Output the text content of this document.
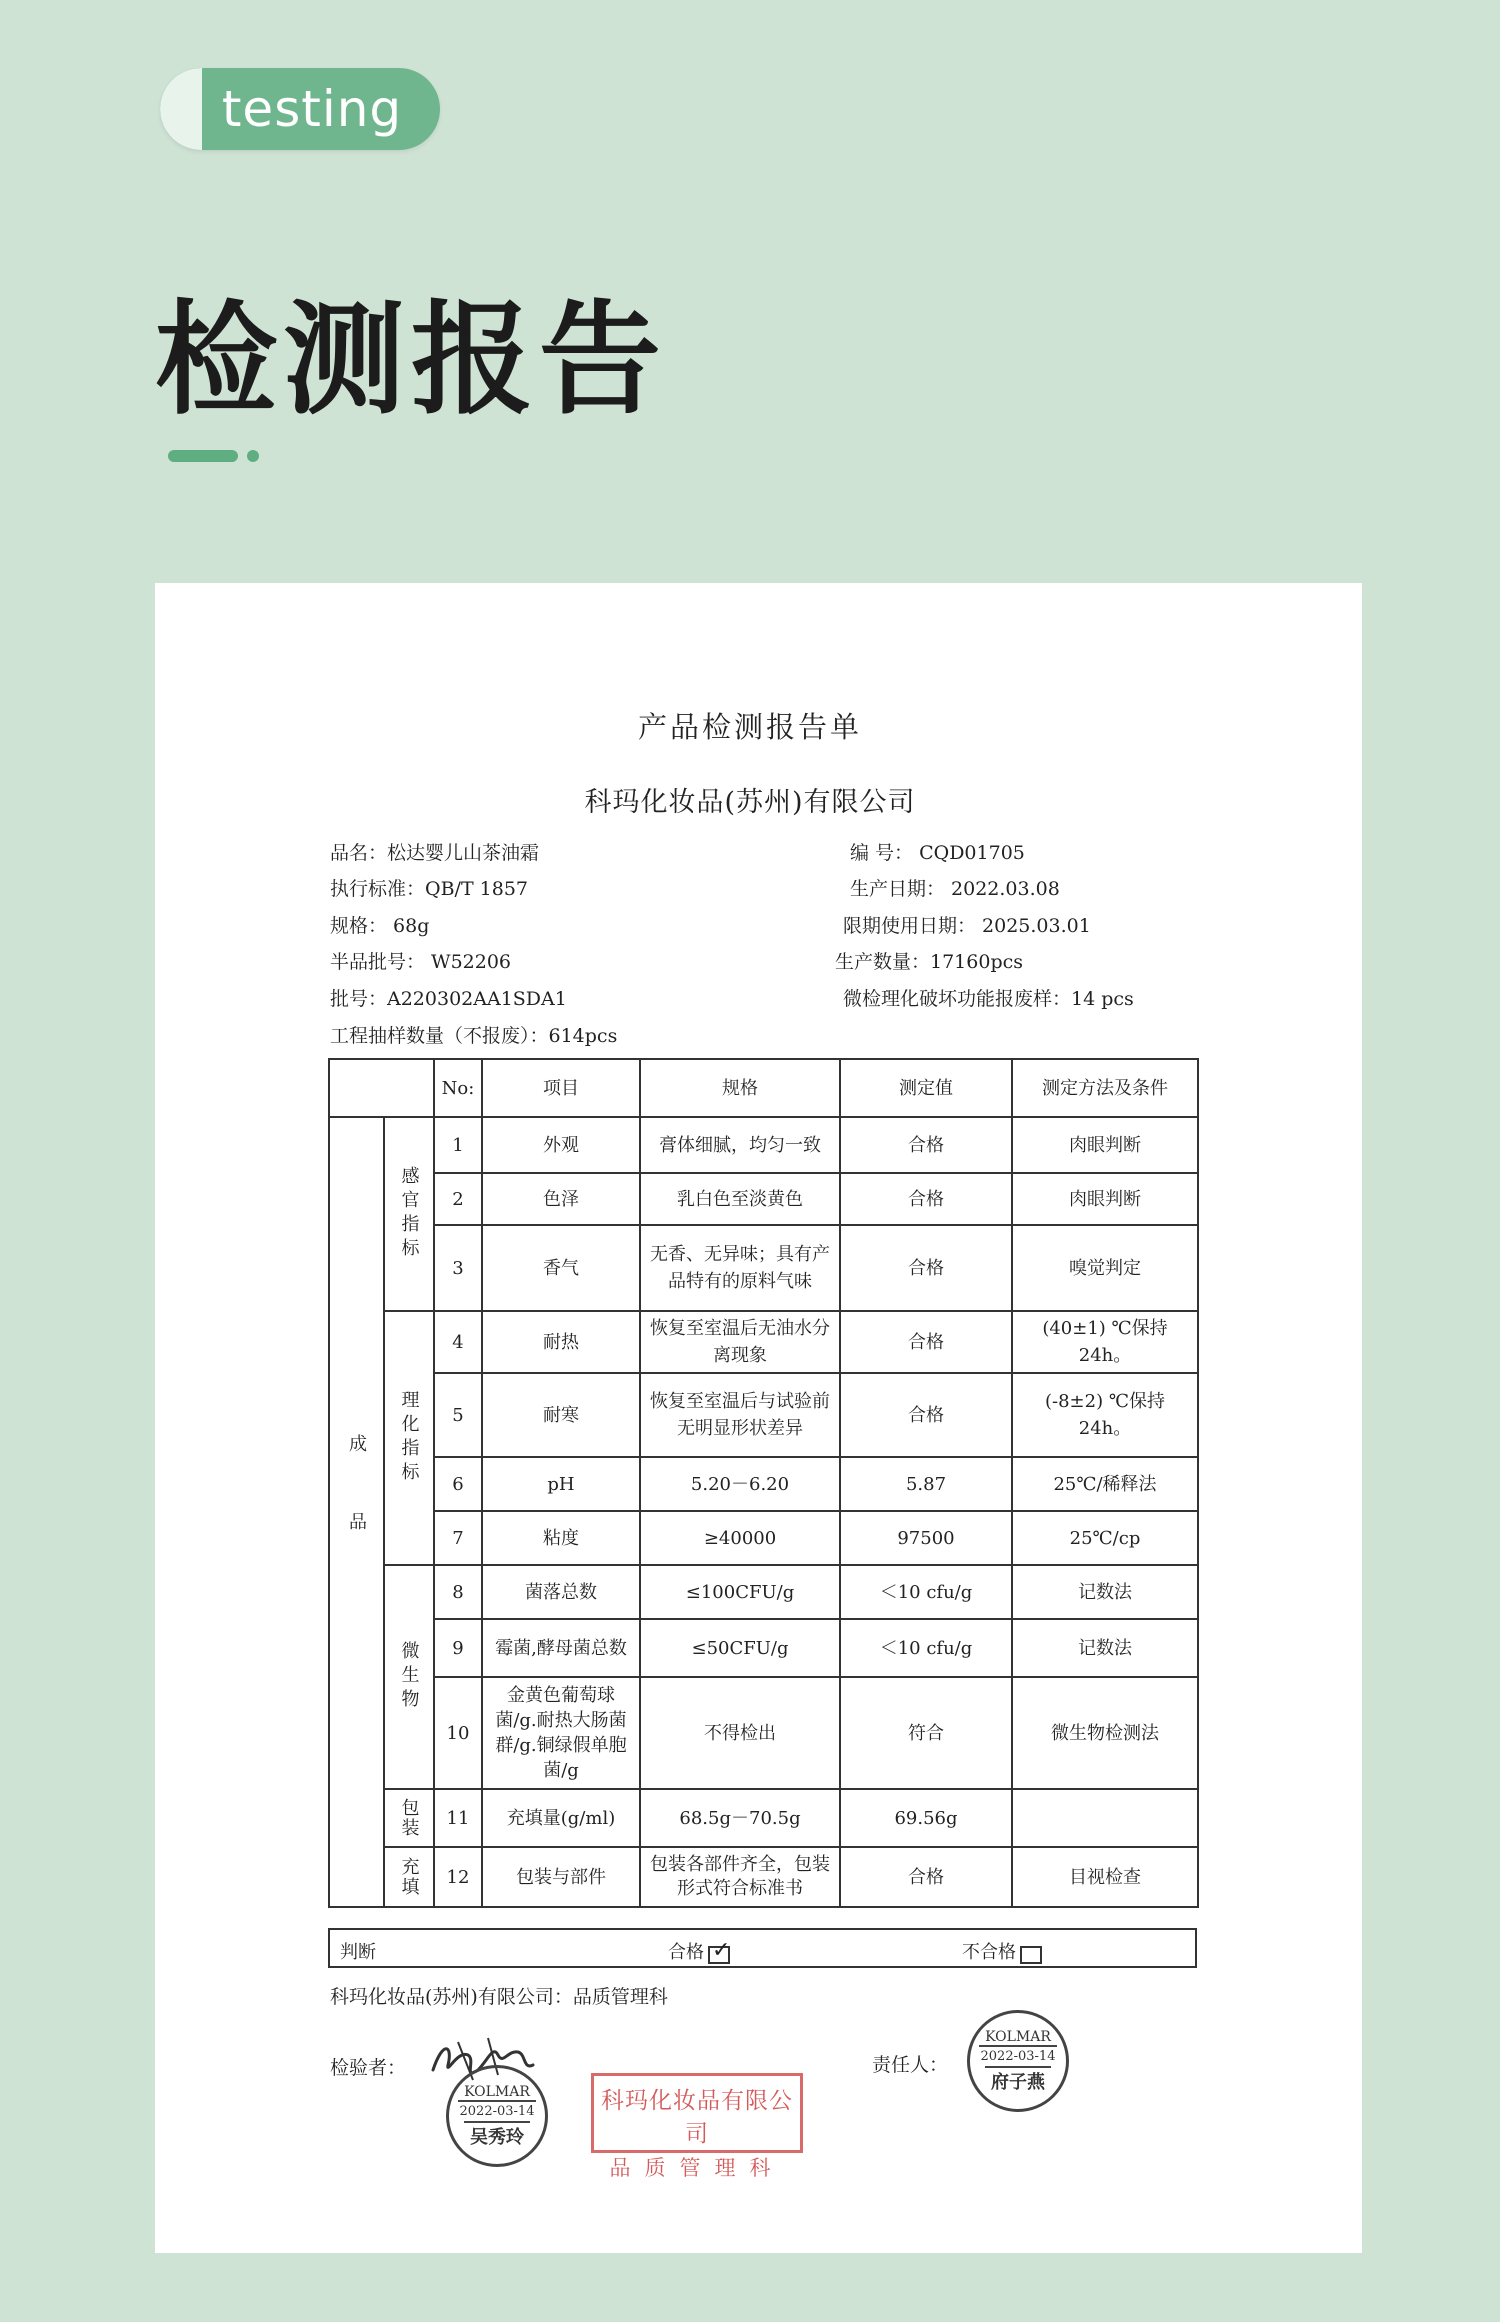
testing
检测报告
产品检测报告单
科玛化妆品(苏州)有限公司
品名：松达婴儿山茶油霜
执行标准：QB/T 1857
规格： 68g
半品批号： W52206
批号：A220302AA1SDA1
工程抽样数量（不报废）：614pcs
编 号： CQD01705
生产日期： 2022.03.08
限期使用日期： 2025.03.01
生产数量：17160pcs
微检理化破坏功能报废样：14 pcs
		No:	项目	规格	测定值	测定方法及条件

成品	感官指标	1	外观	膏体细腻，均匀一致	合格	肉眼判断
		2	色泽	乳白色至淡黄色	合格	肉眼判断
		3	香气	无香、无异味；具有产品特有的原料气味	合格	嗅觉判定

	理化指标	4	耐热	恢复至室温后无油水分离现象	合格	(40±1) ℃保持 24h。
		5	耐寒	恢复至室温后与试验前无明显形状差异	合格	(-8±2) ℃保持 24h。
		6	pH	5.20－6.20	5.87	25℃/稀释法
		7	粘度	≥40000	97500	25℃/cp

	微生物	8	菌落总数	≤100CFU/g	＜10 cfu/g	记数法
		9	霉菌,酵母菌总数	≤50CFU/g	＜10 cfu/g	记数法
		10	金黄色葡萄球菌/g.耐热大肠菌群/g.铜绿假单胞菌/g	不得检出	符合	微生物检测法

	包装	11	充填量(g/ml)	68.5g－70.5g	69.56g	

	充填	12	包装与部件	包装各部件齐全，包装形式符合标准书	合格	目视检查
判断	合格 ✓	不合格
科玛化妆品(苏州)有限公司：品质管理科
检验者：	责任人：
KOLMAR
2022-03-14
吴秀玲
科玛化妆品有限公司
品质管理科
KOLMAR
2022-03-14
府子燕
